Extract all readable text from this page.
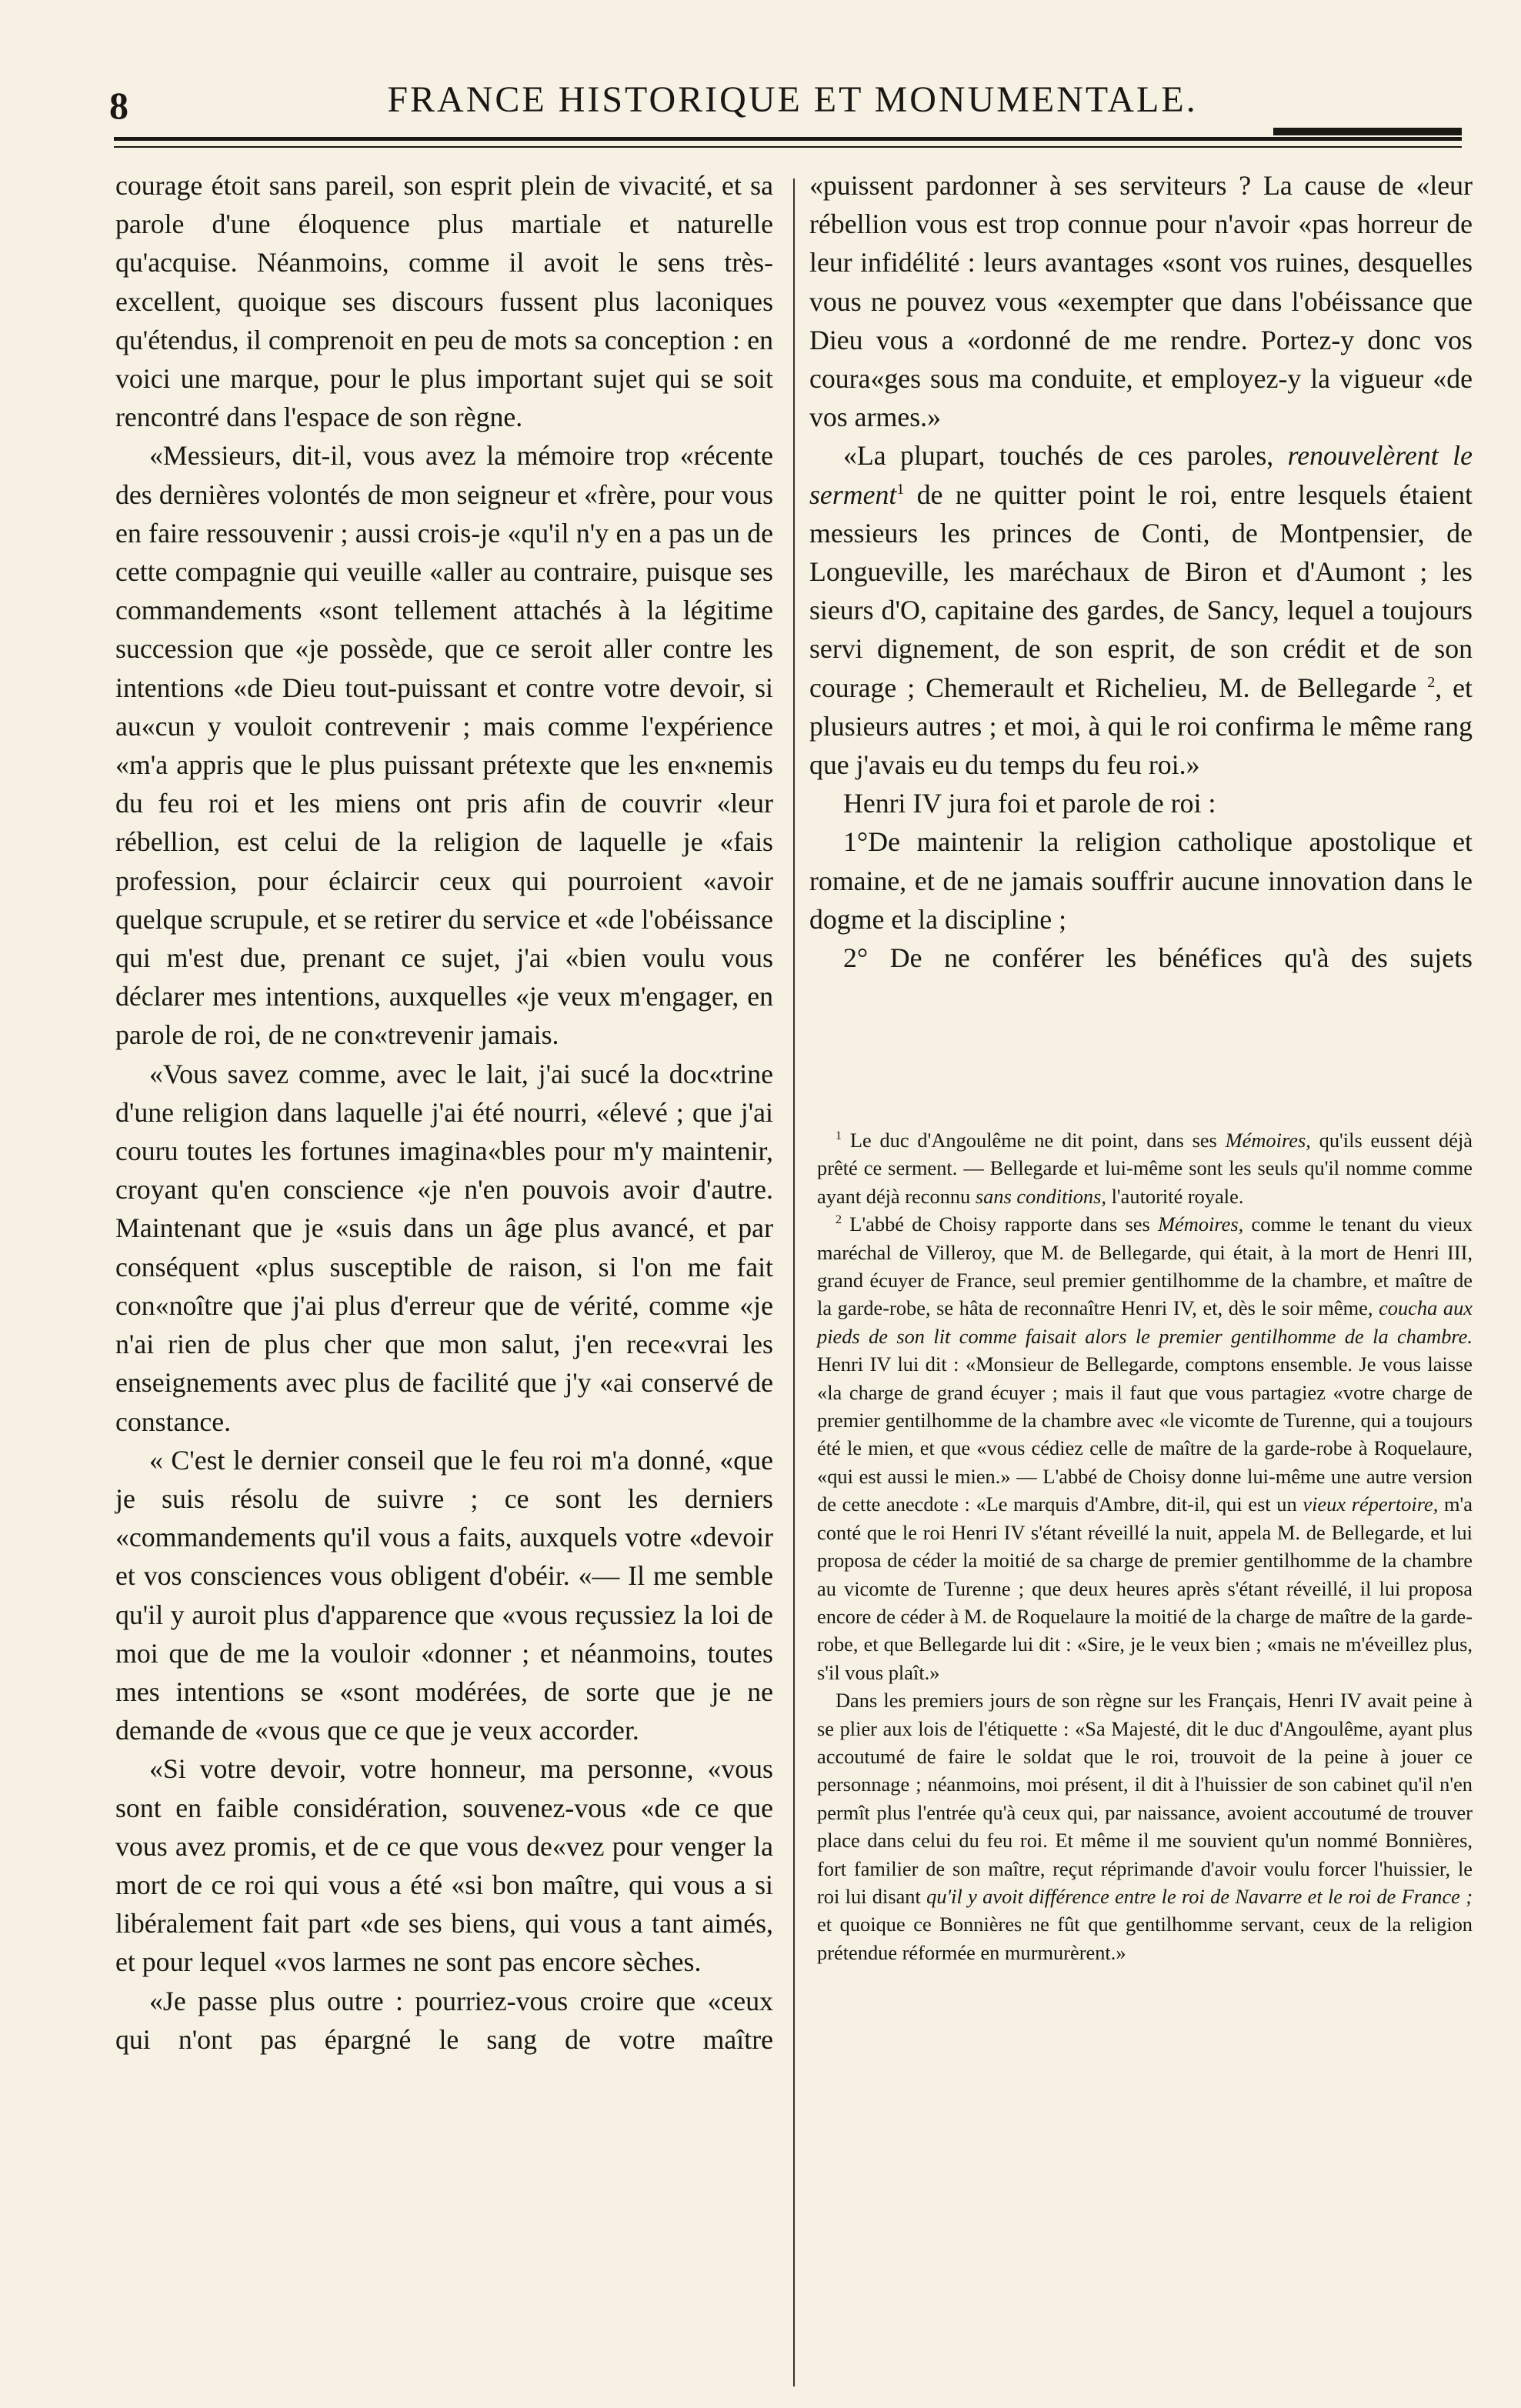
8	FRANCE HISTORIQUE ET MONUMENTALE.

courage étoit sans pareil, son esprit plein de vivacité, et sa parole d'une éloquence plus martiale et naturelle qu'acquise. Néanmoins, comme il avoit le sens très-excellent, quoique ses discours fussent plus laconiques qu'étendus, il comprenoit en peu de mots sa conception : en voici une marque, pour le plus important sujet qui se soit rencontré dans l'espace de son règne.

«Messieurs, dit-il, vous avez la mémoire trop «récente des dernières volontés de mon seigneur et «frère, pour vous en faire ressouvenir ; aussi crois-je «qu'il n'y en a pas un de cette compagnie qui veuille «aller au contraire, puisque ses commandements «sont tellement attachés à la légitime succession que «je possède, que ce seroit aller contre les intentions «de Dieu tout-puissant et contre votre devoir, si au«cun y vouloit contrevenir ; mais comme l'expérience «m'a appris que le plus puissant prétexte que les en«nemis du feu roi et les miens ont pris afin de couvrir «leur rébellion, est celui de la religion de laquelle je «fais profession, pour éclaircir ceux qui pourroient «avoir quelque scrupule, et se retirer du service et «de l'obéissance qui m'est due, prenant ce sujet, j'ai «bien voulu vous déclarer mes intentions, auxquelles «je veux m'engager, en parole de roi, de ne con«trevenir jamais.

«Vous savez comme, avec le lait, j'ai sucé la doc«trine d'une religion dans laquelle j'ai été nourri, «élevé ; que j'ai couru toutes les fortunes imagina«bles pour m'y maintenir, croyant qu'en conscience «je n'en pouvois avoir d'autre. Maintenant que je «suis dans un âge plus avancé, et par conséquent «plus susceptible de raison, si l'on me fait con«noître que j'ai plus d'erreur que de vérité, comme «je n'ai rien de plus cher que mon salut, j'en rece«vrai les enseignements avec plus de facilité que j'y «ai conservé de constance.

« C'est le dernier conseil que le feu roi m'a donné, «que je suis résolu de suivre ; ce sont les derniers «commandements qu'il vous a faits, auxquels votre «devoir et vos consciences vous obligent d'obéir. «— Il me semble qu'il y auroit plus d'apparence que «vous reçussiez la loi de moi que de me la vouloir «donner ; et néanmoins, toutes mes intentions se «sont modérées, de sorte que je ne demande de «vous que ce que je veux accorder.

«Si votre devoir, votre honneur, ma personne, «vous sont en faible considération, souvenez-vous «de ce que vous avez promis, et de ce que vous de«vez pour venger la mort de ce roi qui vous a été «si bon maître, qui vous a si libéralement fait part «de ses biens, qui vous a tant aimés, et pour lequel «vos larmes ne sont pas encore sèches.

«Je passe plus outre : pourriez-vous croire que «ceux qui n'ont pas épargné le sang de votre maître

«puissent pardonner à ses serviteurs ? La cause de «leur rébellion vous est trop connue pour n'avoir «pas horreur de leur infidélité : leurs avantages «sont vos ruines, desquelles vous ne pouvez vous «exempter que dans l'obéissance que Dieu vous a «ordonné de me rendre. Portez-y donc vos coura«ges sous ma conduite, et employez-y la vigueur «de vos armes.»

«La plupart, touchés de ces paroles, renouvelèrent le serment$^1$ de ne quitter point le roi, entre lesquels étaient messieurs les princes de Conti, de Montpensier, de Longueville, les maréchaux de Biron et d'Aumont ; les sieurs d'O, capitaine des gardes, de Sancy, lequel a toujours servi dignement, de son esprit, de son crédit et de son courage ; Chemerault et Richelieu, M. de Bellegarde $^2$, et plusieurs autres ; et moi, à qui le roi confirma le même rang que j'avais eu du temps du feu roi.»

Henri IV jura foi et parole de roi :

1°De maintenir la religion catholique apostolique et romaine, et de ne jamais souffrir aucune innovation dans le dogme et la discipline ;

2° De ne conférer les bénéfices qu'à des sujets

$^1$ Le duc d'Angoulême ne dit point, dans ses Mémoires, qu'ils eussent déjà prêté ce serment. — Bellegarde et lui-même sont les seuls qu'il nomme comme ayant déjà reconnu sans conditions, l'autorité royale.

$^2$ L'abbé de Choisy rapporte dans ses Mémoires, comme le tenant du vieux maréchal de Villeroy, que M. de Bellegarde, qui était, à la mort de Henri III, grand écuyer de France, seul premier gentilhomme de la chambre, et maître de la garde-robe, se hâta de reconnaître Henri IV, et, dès le soir même, coucha aux pieds de son lit comme faisait alors le premier gentilhomme de la chambre. Henri IV lui dit : «Monsieur de Bellegarde, comptons ensemble. Je vous laisse «la charge de grand écuyer ; mais il faut que vous partagiez «votre charge de premier gentilhomme de la chambre avec «le vicomte de Turenne, qui a toujours été le mien, et que «vous cédiez celle de maître de la garde-robe à Roquelaure, «qui est aussi le mien.» — L'abbé de Choisy donne lui-même une autre version de cette anecdote : «Le marquis d'Ambre, dit-il, qui est un vieux répertoire, m'a conté que le roi Henri IV s'étant réveillé la nuit, appela M. de Bellegarde, et lui proposa de céder la moitié de sa charge de premier gentilhomme de la chambre au vicomte de Turenne ; que deux heures après s'étant réveillé, il lui proposa encore de céder à M. de Roquelaure la moitié de la charge de maître de la garde-robe, et que Bellegarde lui dit : «Sire, je le veux bien ; «mais ne m'éveillez plus, s'il vous plaît.»

Dans les premiers jours de son règne sur les Français, Henri IV avait peine à se plier aux lois de l'étiquette : «Sa Majesté, dit le duc d'Angoulême, ayant plus accoutumé de faire le soldat que le roi, trouvoit de la peine à jouer ce personnage ; néanmoins, moi présent, il dit à l'huissier de son cabinet qu'il n'en permît plus l'entrée qu'à ceux qui, par naissance, avoient accoutumé de trouver place dans celui du feu roi. Et même il me souvient qu'un nommé Bonnières, fort familier de son maître, reçut réprimande d'avoir voulu forcer l'huissier, le roi lui disant qu'il y avoit différence entre le roi de Navarre et le roi de France ; et quoique ce Bonnières ne fût que gentilhomme servant, ceux de la religion prétendue réformée en murmurèrent.»
